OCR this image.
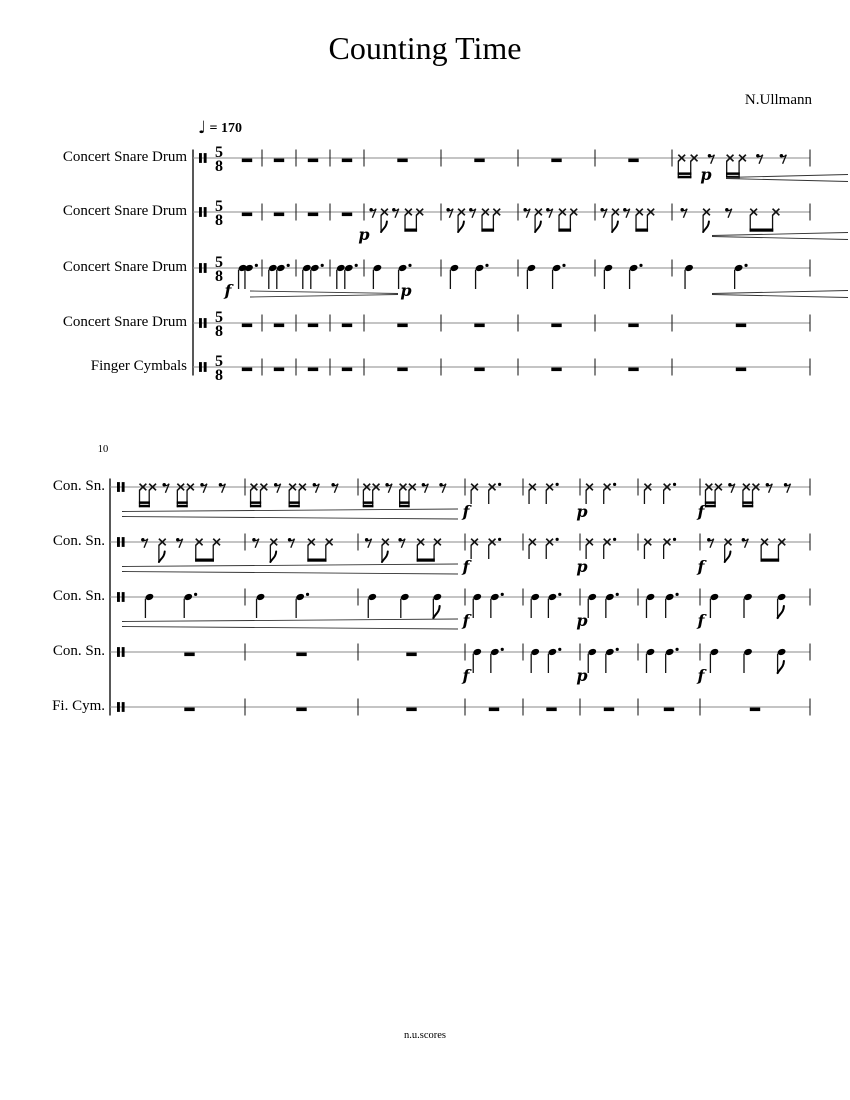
Counting Time
N.Ullmann
♩ = 170
10
Concert Snare Drum
Concert Snare Drum
Concert Snare Drum
Concert Snare Drum
Finger Cymbals
Con. Sn.
Con. Sn.
Con. Sn.
Con. Sn.
Fi. Cym.
5
8
5
8
5
8
5
8
5
8
p
p
f	p
f	p	f
f	p	f
f	p	f
f	p	f
n.u.scores
